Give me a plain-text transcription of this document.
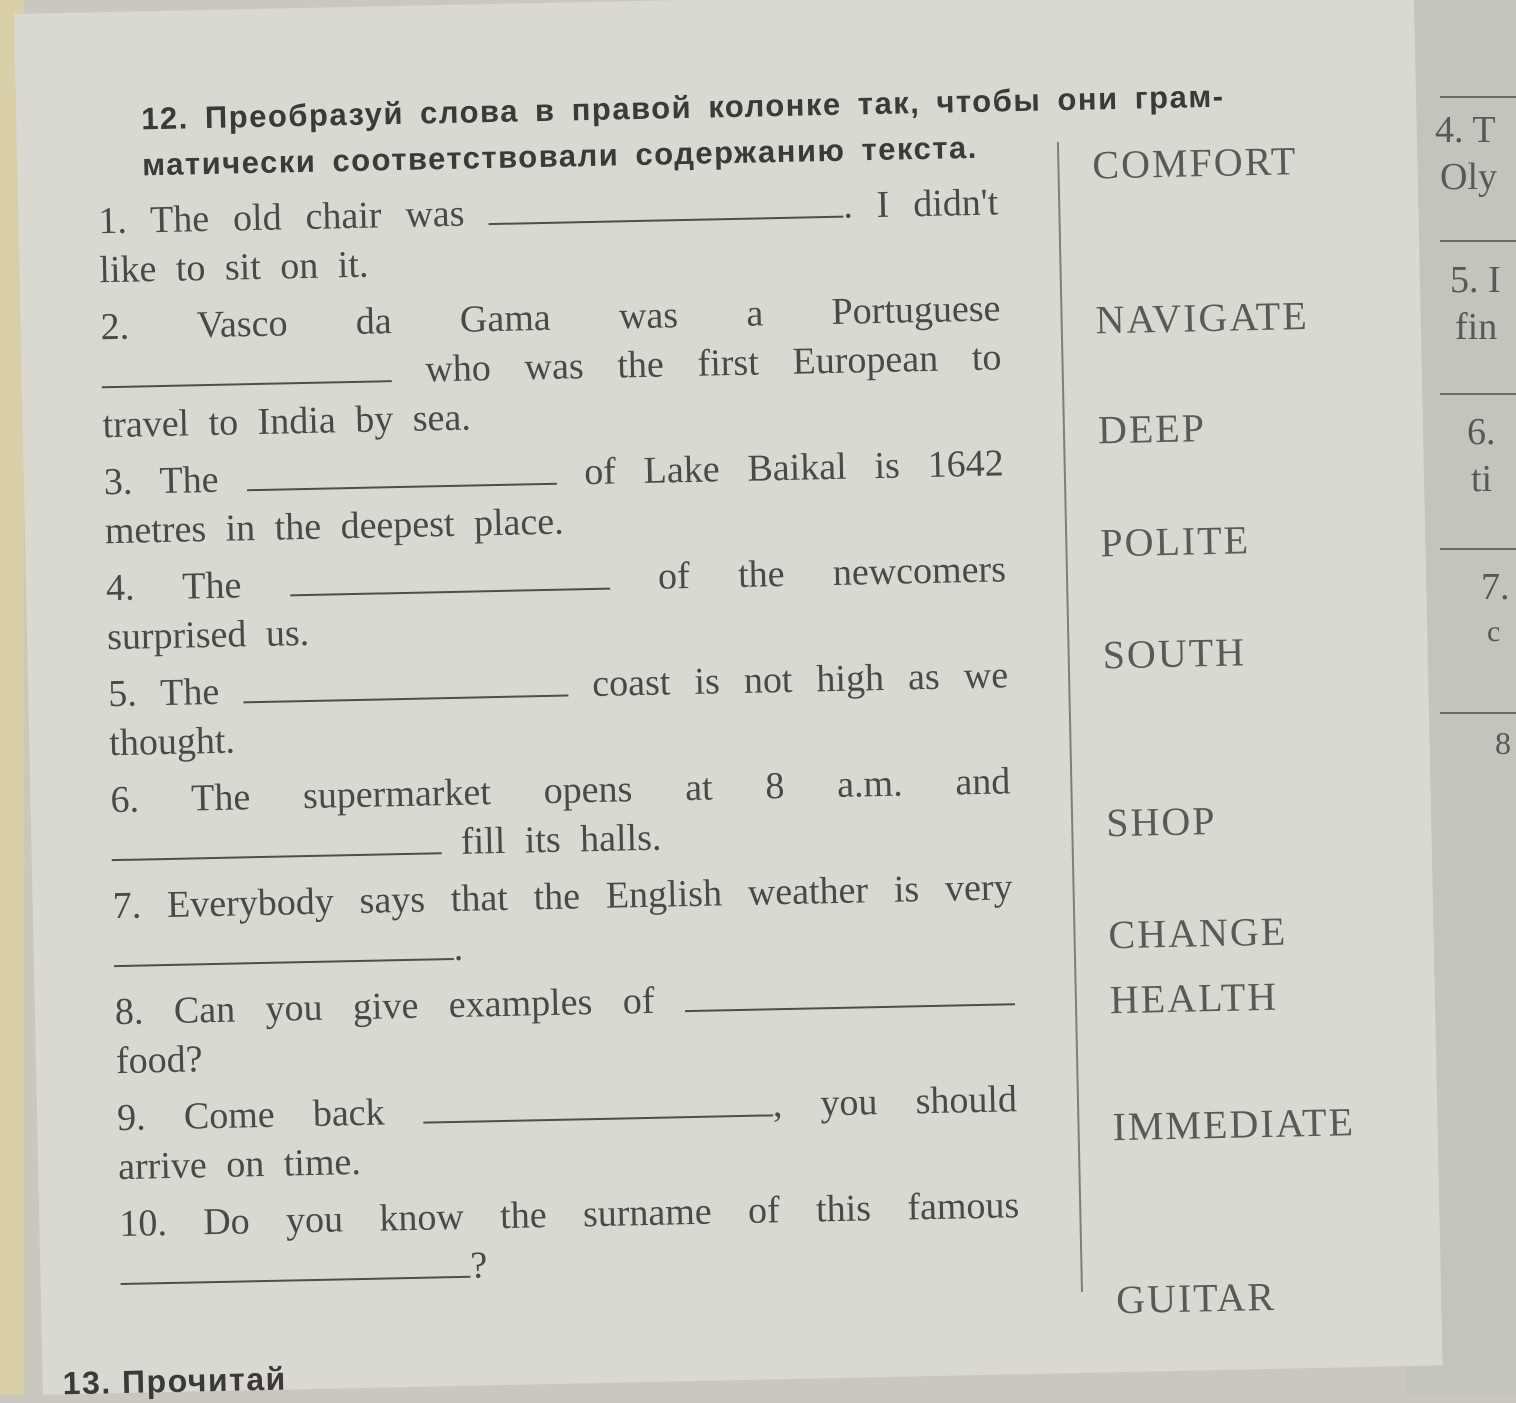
4. T
Oly
5. I
fin
6.
ti
7.
c
8
12. Преобразуй слова в правой колонке так, чтобы они грам-
матически соответствовали содержанию текста.
1. The old chair was	. I didn't like to sit on it.
2. Vasco da Gama was a Portuguese  who was the first European to travel to India by sea.
3. The	of Lake Baikal is 1642 metres in the deepest place.
4. The	of the newcomers surprised us.
5. The	coast is not high as we thought.
6. The supermarket opens at 8 a.m. and  fill its halls.
7. Everybody says that the English weather is very .
8. Can you give examples of  food?
9. Come back	, you should arrive on time.
10. Do you know the surname of this famous ?
COMFORT
NAVIGATE
DEEP
POLITE
SOUTH
SHOP
CHANGE
HEALTH
IMMEDIATE
GUITAR
13. Прочитай
